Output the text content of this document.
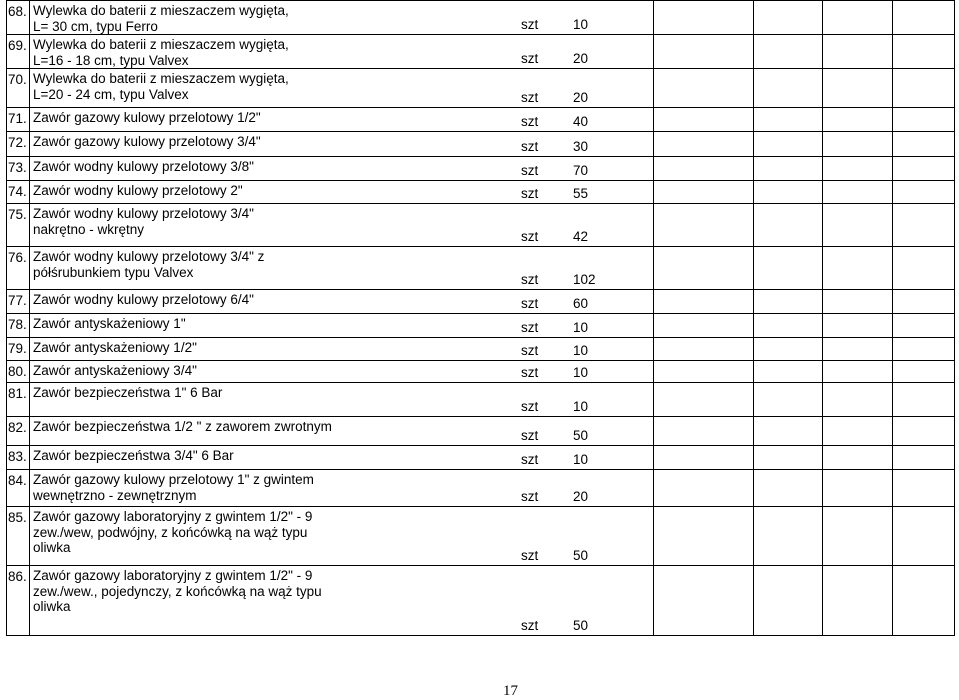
68.	Wylewka do baterii z mieszaczem wygięta,
L= 30 cm, typu Ferro szt 10				

69.	Wylewka do baterii z mieszaczem wygięta,
L=16 - 18 cm, typu Valvex szt 20				

70.	Wylewka do baterii z mieszaczem wygięta,
L=20 - 24 cm, typu Valvex szt 20				

71.	Zawór gazowy kulowy przelotowy 1/2" szt 40				

72.	Zawór gazowy kulowy przelotowy 3/4" szt 30				

73.	Zawór wodny kulowy przelotowy 3/8" szt 70				

74.	Zawór wodny kulowy przelotowy 2" szt 55				

75.	Zawór wodny kulowy przelotowy 3/4"
nakrętno - wkrętny szt 42				

76.	Zawór wodny kulowy przelotowy 3/4" z
półśrubunkiem typu Valvex szt 102				

77.	Zawór wodny kulowy przelotowy 6/4" szt 60				

78.	Zawór antyskażeniowy 1" szt 10				

79.	Zawór antyskażeniowy 1/2" szt 10				

80.	Zawór antyskażeniowy 3/4" szt 10				

81.	Zawór bezpieczeństwa 1" 6 Bar
szt 10				

82.	Zawór bezpieczeństwa 1/2 " z zaworem zwrotnym
szt 50				

83.	Zawór bezpieczeństwa 3/4" 6 Bar szt 10				

84.	Zawór gazowy kulowy przelotowy 1" z gwintem
wewnętrzno - zewnętrznym szt 20				

85.	Zawór gazowy laboratoryjny z gwintem 1/2" - 9
zew./wew, podwójny, z końcówką na wąż typu
oliwka szt 50				

86.	Zawór gazowy laboratoryjny z gwintem 1/2" - 9
zew./wew., pojedynczy, z końcówką na wąż typu
oliwka
szt 50				

17
